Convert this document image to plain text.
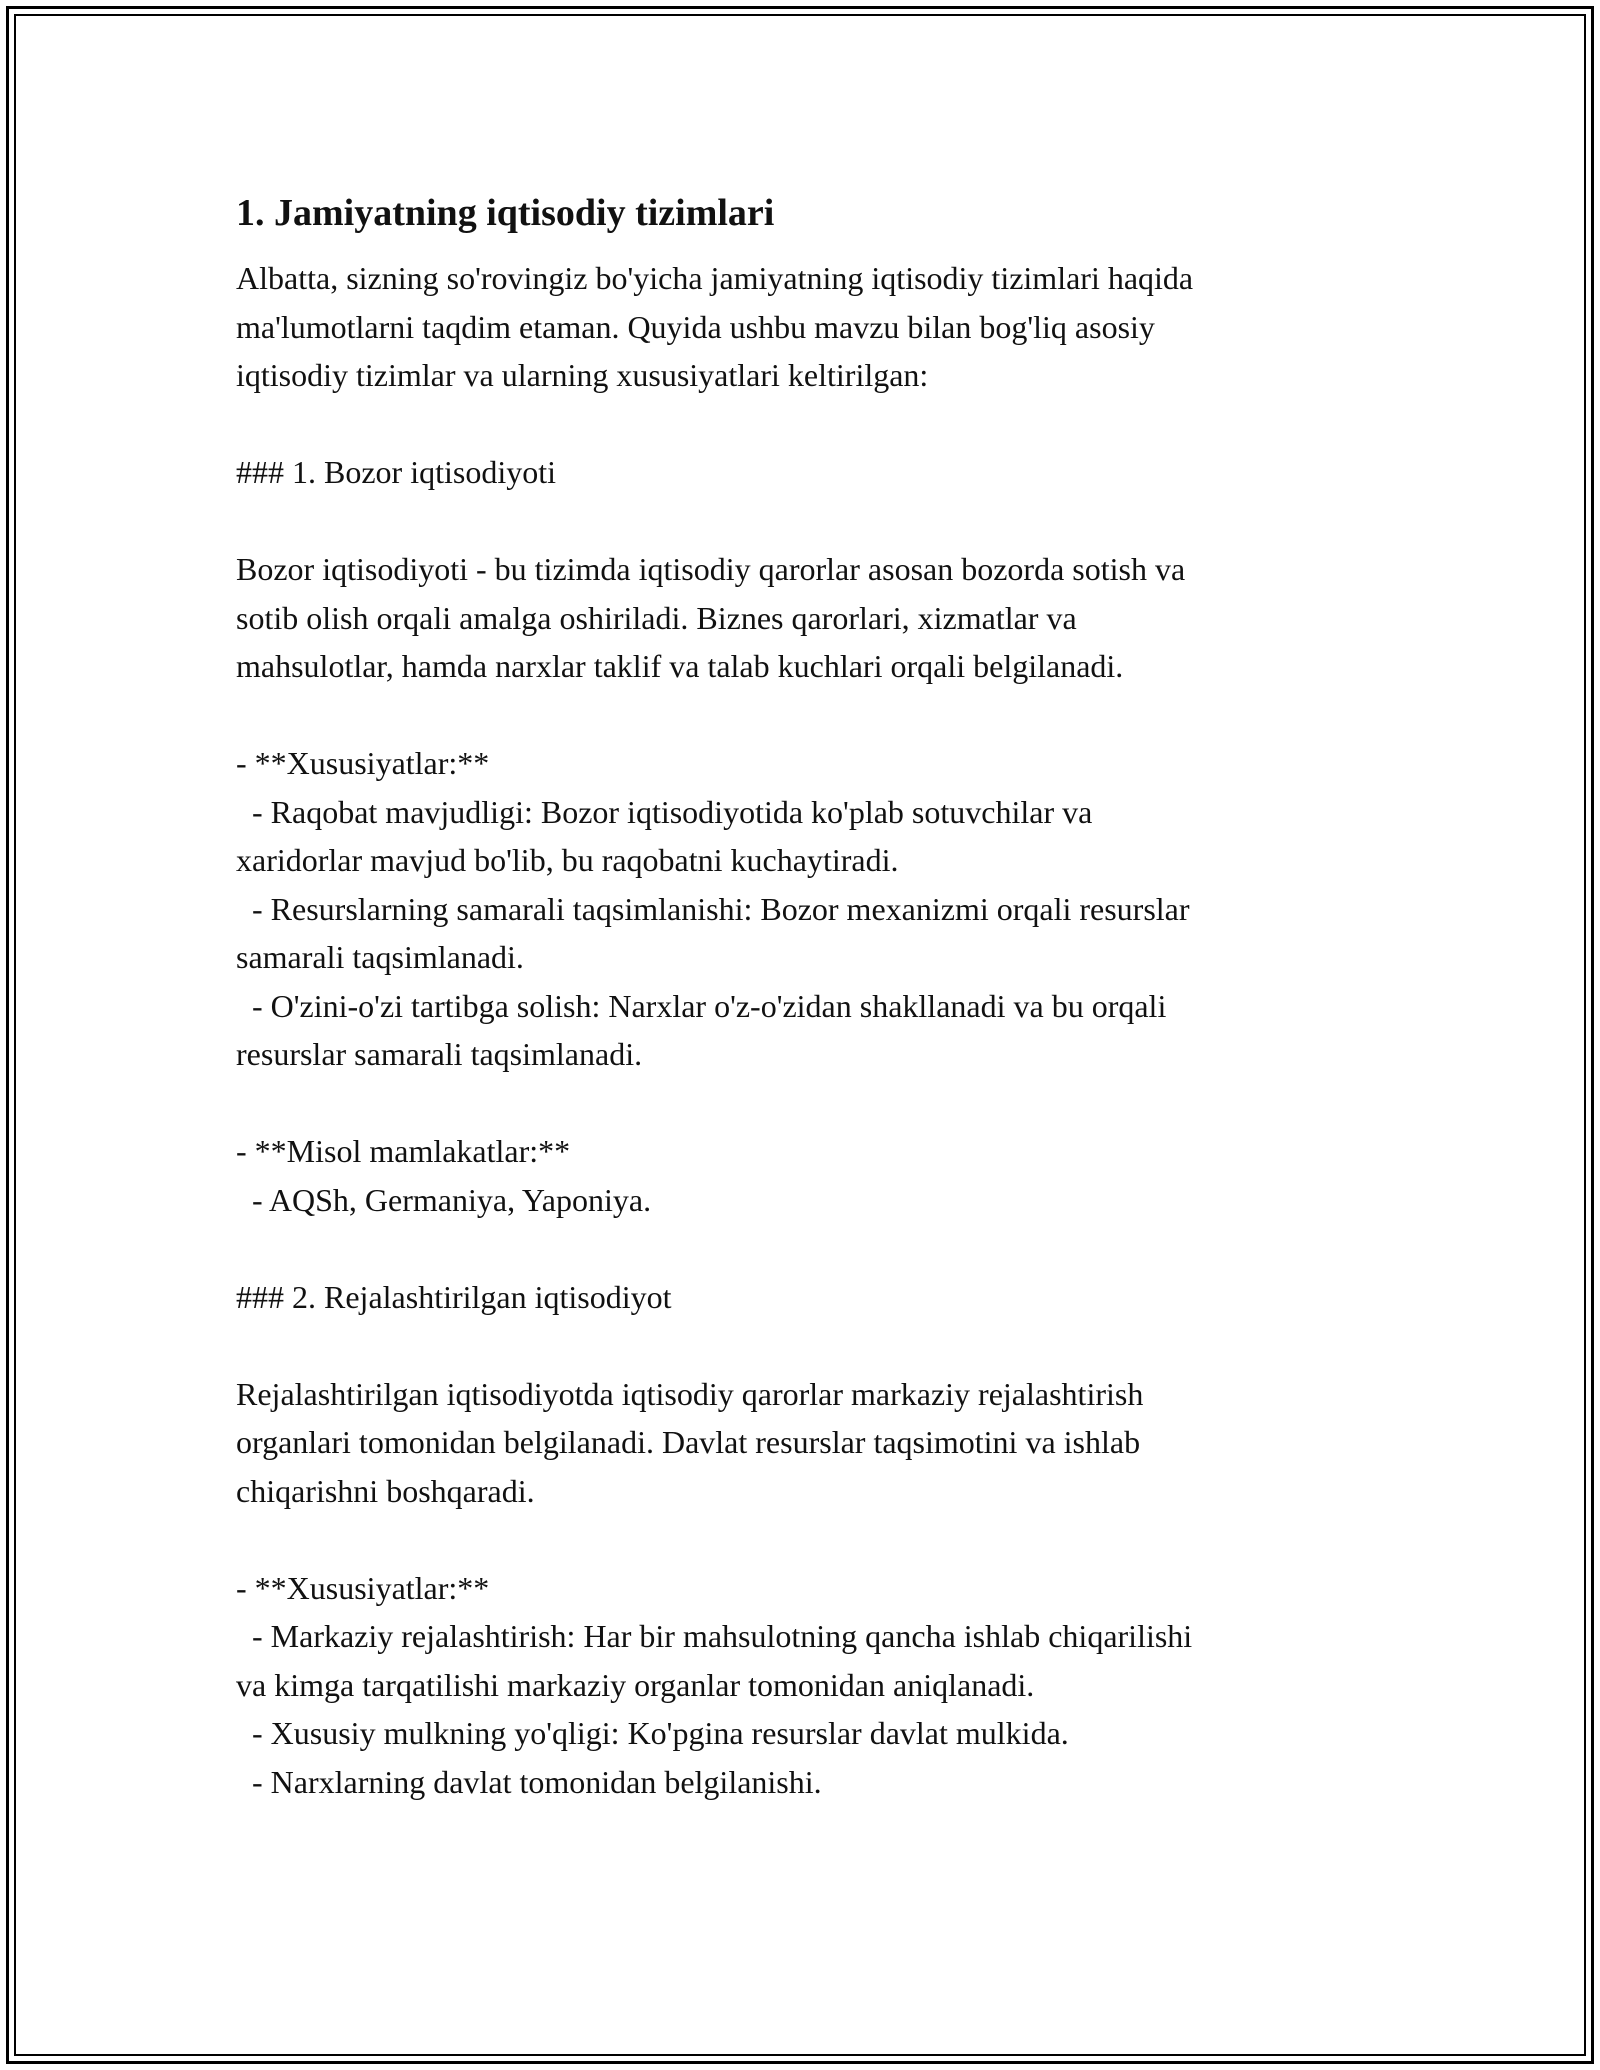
1. Jamiyatning iqtisodiy tizimlari

Albatta, sizning so'rovingiz bo'yicha jamiyatning iqtisodiy tizimlari haqida

ma'lumotlarni taqdim etaman. Quyida ushbu mavzu bilan bog'liq asosiy

iqtisodiy tizimlar va ularning xususiyatlari keltirilgan:

### 1. Bozor iqtisodiyoti

Bozor iqtisodiyoti - bu tizimda iqtisodiy qarorlar asosan bozorda sotish va

sotib olish orqali amalga oshiriladi. Biznes qarorlari, xizmatlar va

mahsulotlar, hamda narxlar taklif va talab kuchlari orqali belgilanadi.

- **Xususiyatlar:**

- Raqobat mavjudligi: Bozor iqtisodiyotida ko'plab sotuvchilar va

xaridorlar mavjud bo'lib, bu raqobatni kuchaytiradi.

- Resurslarning samarali taqsimlanishi: Bozor mexanizmi orqali resurslar

samarali taqsimlanadi.

- O'zini-o'zi tartibga solish: Narxlar o'z-o'zidan shakllanadi va bu orqali

resurslar samarali taqsimlanadi.

- **Misol mamlakatlar:**

- AQSh, Germaniya, Yaponiya.

### 2. Rejalashtirilgan iqtisodiyot

Rejalashtirilgan iqtisodiyotda iqtisodiy qarorlar markaziy rejalashtirish

organlari tomonidan belgilanadi. Davlat resurslar taqsimotini va ishlab

chiqarishni boshqaradi.

- **Xususiyatlar:**

- Markaziy rejalashtirish: Har bir mahsulotning qancha ishlab chiqarilishi

va kimga tarqatilishi markaziy organlar tomonidan aniqlanadi.

- Xususiy mulkning yo'qligi: Ko'pgina resurslar davlat mulkida.

- Narxlarning davlat tomonidan belgilanishi.
